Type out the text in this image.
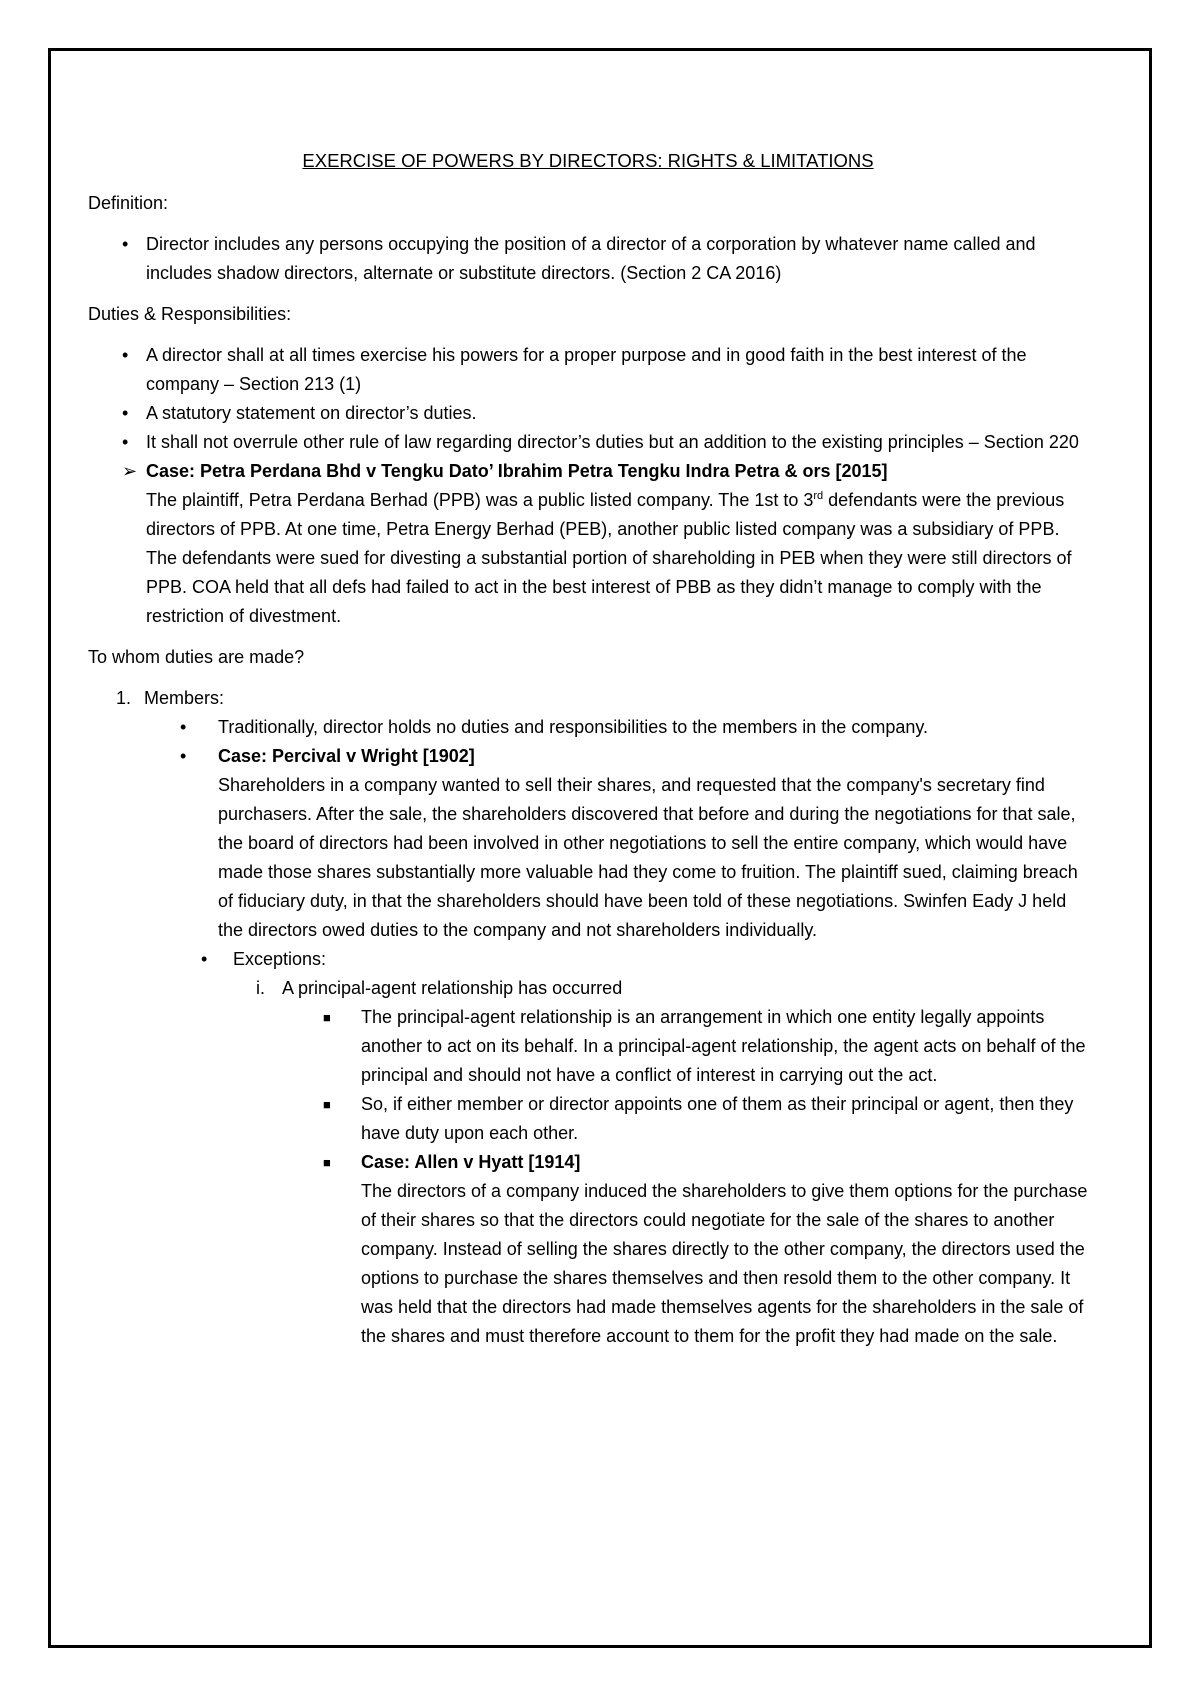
EXERCISE OF POWERS BY DIRECTORS: RIGHTS & LIMITATIONS
Definition:
• Director includes any persons occupying the position of a director of a corporation by whatever name called and includes shadow directors, alternate or substitute directors. (Section 2 CA 2016)
Duties & Responsibilities:
• A director shall at all times exercise his powers for a proper purpose and in good faith in the best interest of the company – Section 213 (1)
• A statutory statement on director’s duties.
• It shall not overrule other rule of law regarding director’s duties but an addition to the existing principles – Section 220
➢ Case: Petra Perdana Bhd v Tengku Dato’ Ibrahim Petra Tengku Indra Petra & ors [2015]
The plaintiff, Petra Perdana Berhad (PPB) was a public listed company. The 1st to 3rd defendants were the previous directors of PPB. At one time, Petra Energy Berhad (PEB), another public listed company was a subsidiary of PPB. The defendants were sued for divesting a substantial portion of shareholding in PEB when they were still directors of PPB. COA held that all defs had failed to act in the best interest of PBB as they didn’t manage to comply with the restriction of divestment.
To whom duties are made?
1. Members:
• Traditionally, director holds no duties and responsibilities to the members in the company.
• Case: Percival v Wright [1902]
Shareholders in a company wanted to sell their shares, and requested that the company's secretary find purchasers. After the sale, the shareholders discovered that before and during the negotiations for that sale, the board of directors had been involved in other negotiations to sell the entire company, which would have made those shares substantially more valuable had they come to fruition. The plaintiff sued, claiming breach of fiduciary duty, in that the shareholders should have been told of these negotiations. Swinfen Eady J held the directors owed duties to the company and not shareholders individually.
• Exceptions:
i. A principal-agent relationship has occurred
■ The principal-agent relationship is an arrangement in which one entity legally appoints another to act on its behalf. In a principal-agent relationship, the agent acts on behalf of the principal and should not have a conflict of interest in carrying out the act.
■ So, if either member or director appoints one of them as their principal or agent, then they have duty upon each other.
■ Case: Allen v Hyatt [1914]
The directors of a company induced the shareholders to give them options for the purchase of their shares so that the directors could negotiate for the sale of the shares to another company. Instead of selling the shares directly to the other company, the directors used the options to purchase the shares themselves and then resold them to the other company. It was held that the directors had made themselves agents for the shareholders in the sale of the shares and must therefore account to them for the profit they had made on the sale.
